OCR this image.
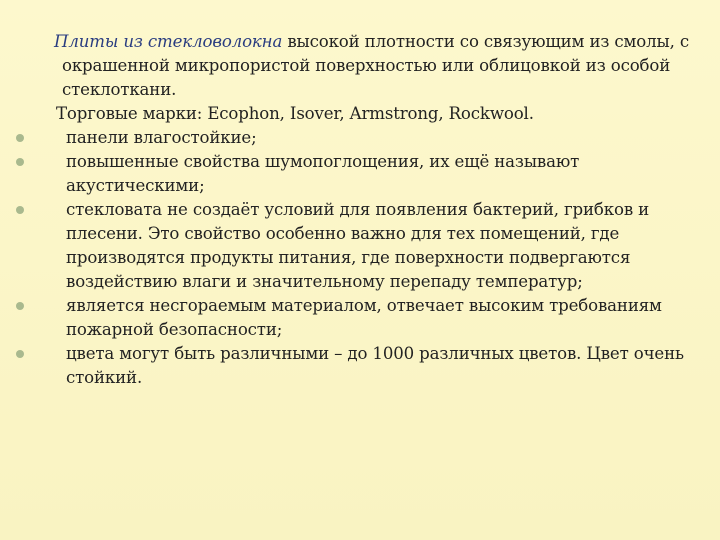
Плиты из стекловолокна высокой плотности со связующим из смолы, с окрашенной микропористой поверхностью или облицовкой из особой стеклоткани.

Торговые марки: Ecophon, Isover, Armstrong, Rockwool.

панели влагостойкие;
повышенные свойства шумопоглощения, их ещё называют акустическими;
стекловата не создаёт условий для появления бактерий, грибков и плесени. Это свойство особенно важно для тех помещений, где производятся продукты питания, где поверхности подвергаются воздействию влаги и значительному перепаду температур;
является несгораемым материалом, отвечает высоким требованиям пожарной безопасности;
цвета могут быть различными – до 1000 различных цветов. Цвет очень стойкий.
